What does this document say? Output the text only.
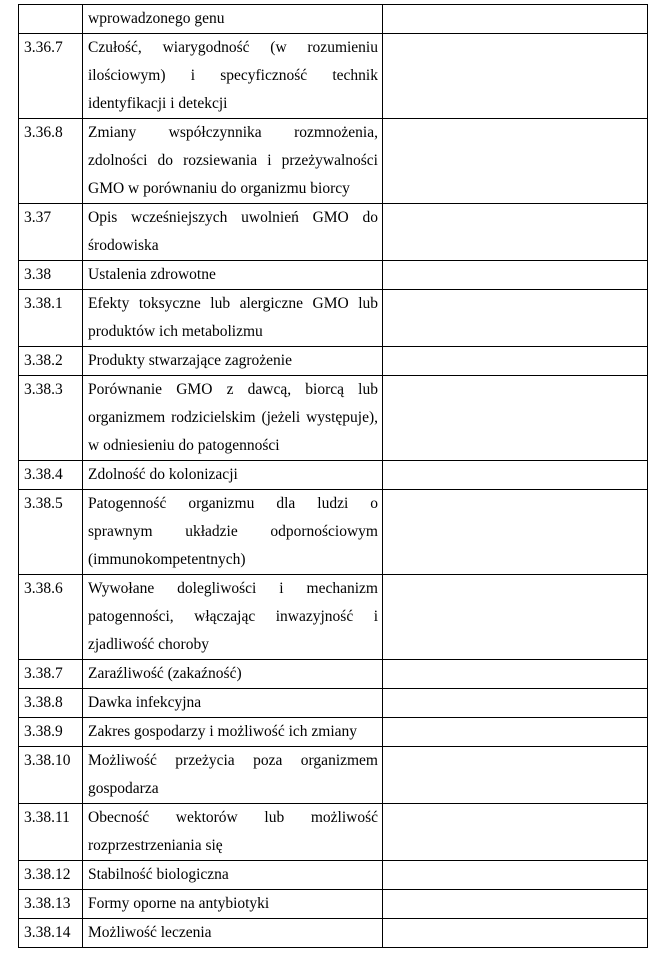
	wprowadzonego genu	

3.36.7	Czułość, wiarygodność (w rozumieniu
ilościowym) i specyficzność technik
identyfikacji i detekcji	

3.36.8	Zmiany współczynnika rozmnożenia,
zdolności do rozsiewania i przeżywalności
GMO w porównaniu do organizmu biorcy	

3.37	Opis wcześniejszych uwolnień GMO do
środowiska	

3.38	Ustalenia zdrowotne	

3.38.1	Efekty toksyczne lub alergiczne GMO lub
produktów ich metabolizmu	

3.38.2	Produkty stwarzające zagrożenie	

3.38.3	Porównanie GMO z dawcą, biorcą lub
organizmem rodzicielskim (jeżeli występuje),
w odniesieniu do patogenności	

3.38.4	Zdolność do kolonizacji	

3.38.5	Patogenność organizmu dla ludzi o
sprawnym układzie odpornościowym
(immunokompetentnych)	

3.38.6	Wywołane dolegliwości i mechanizm
patogenności, włączając inwazyjność i
zjadliwość choroby	

3.38.7	Zaraźliwość (zakaźność)	

3.38.8	Dawka infekcyjna	

3.38.9	Zakres gospodarzy i możliwość ich zmiany	

3.38.10	Możliwość przeżycia poza organizmem
gospodarza	

3.38.11	Obecność wektorów lub możliwość
rozprzestrzeniania się	

3.38.12	Stabilność biologiczna	

3.38.13	Formy oporne na antybiotyki	

3.38.14	Możliwość leczenia	
